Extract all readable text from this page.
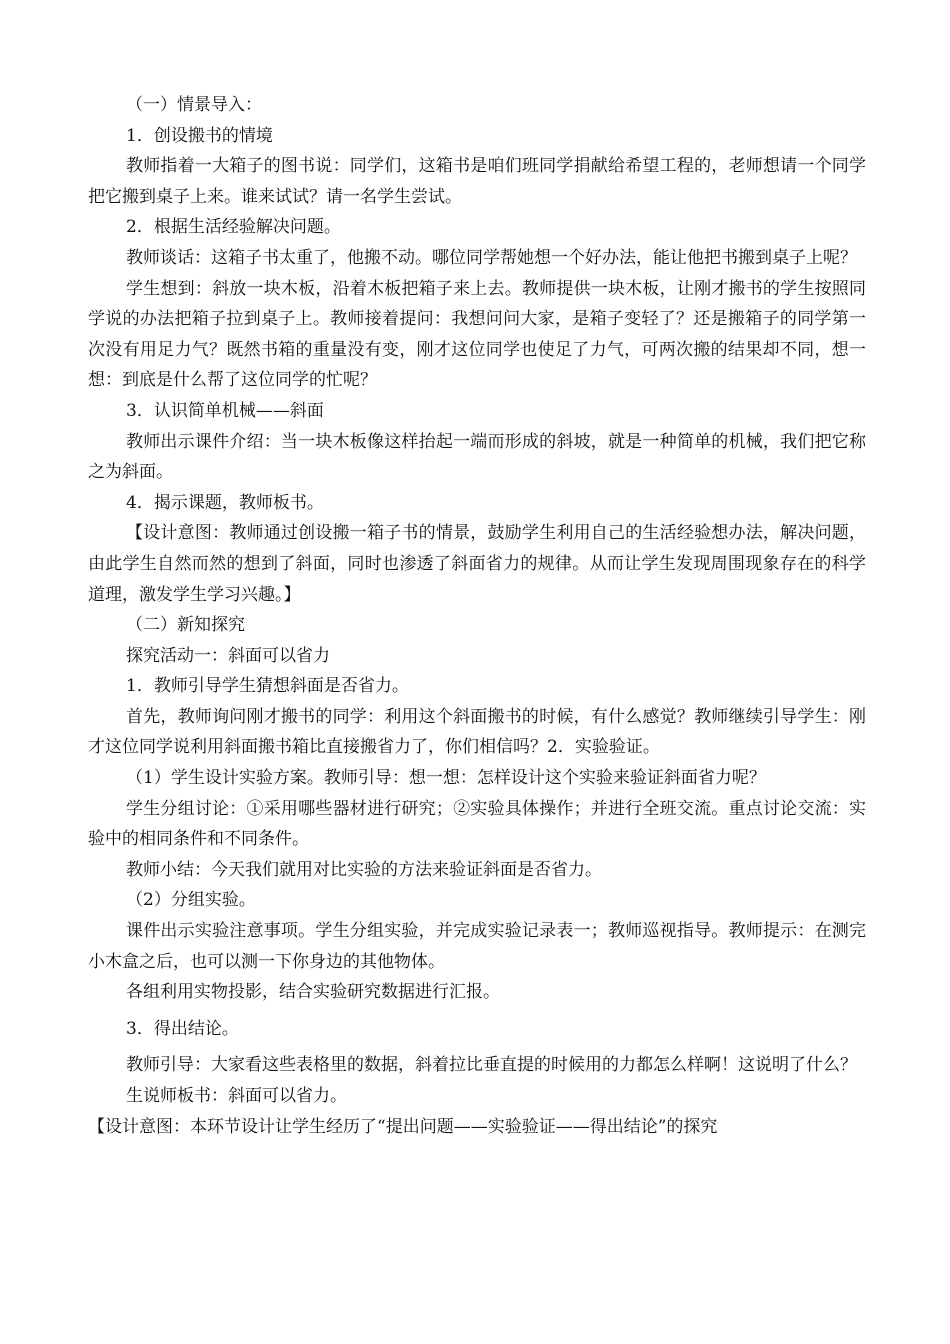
（一）情景导入：

1．创设搬书的情境

教师指着一大箱子的图书说：同学们，这箱书是咱们班同学捐献给希望工程的，老师想请一个同学把它搬到桌子上来。谁来试试？请一名学生尝试。

2．根据生活经验解决问题。

教师谈话：这箱子书太重了，他搬不动。哪位同学帮她想一个好办法，能让他把书搬到桌子上呢？

学生想到：斜放一块木板，沿着木板把箱子来上去。教师提供一块木板，让刚才搬书的学生按照同学说的办法把箱子拉到桌子上。教师接着提问：我想问问大家，是箱子变轻了？还是搬箱子的同学第一次没有用足力气？既然书箱的重量没有变，刚才这位同学也使足了力气，可两次搬的结果却不同，想一想：到底是什么帮了这位同学的忙呢？

3．认识简单机械——斜面

教师出示课件介绍：当一块木板像这样抬起一端而形成的斜坡，就是一种简单的机械，我们把它称之为斜面。

4．揭示课题，教师板书。

【设计意图：教师通过创设搬一箱子书的情景，鼓励学生利用自己的生活经验想办法，解决问题，由此学生自然而然的想到了斜面，同时也渗透了斜面省力的规律。从而让学生发现周围现象存在的科学道理，激发学生学习兴趣。】

（二）新知探究

探究活动一：斜面可以省力

1．教师引导学生猜想斜面是否省力。

首先，教师询问刚才搬书的同学：利用这个斜面搬书的时候，有什么感觉？教师继续引导学生：刚才这位同学说利用斜面搬书箱比直接搬省力了，你们相信吗？2．实验验证。

（1）学生设计实验方案。教师引导：想一想：怎样设计这个实验来验证斜面省力呢？

学生分组讨论：①采用哪些器材进行研究；②实验具体操作；并进行全班交流。重点讨论交流：实验中的相同条件和不同条件。

教师小结：今天我们就用对比实验的方法来验证斜面是否省力。

（2）分组实验。

课件出示实验注意事项。学生分组实验，并完成实验记录表一；教师巡视指导。教师提示：在测完小木盒之后，也可以测一下你身边的其他物体。

各组利用实物投影，结合实验研究数据进行汇报。

3．得出结论。

教师引导：大家看这些表格里的数据，斜着拉比垂直提的时候用的力都怎么样啊！这说明了什么？

生说师板书：斜面可以省力。

【设计意图：本环节设计让学生经历了“提出问题——实验验证——得出结论”的探究
